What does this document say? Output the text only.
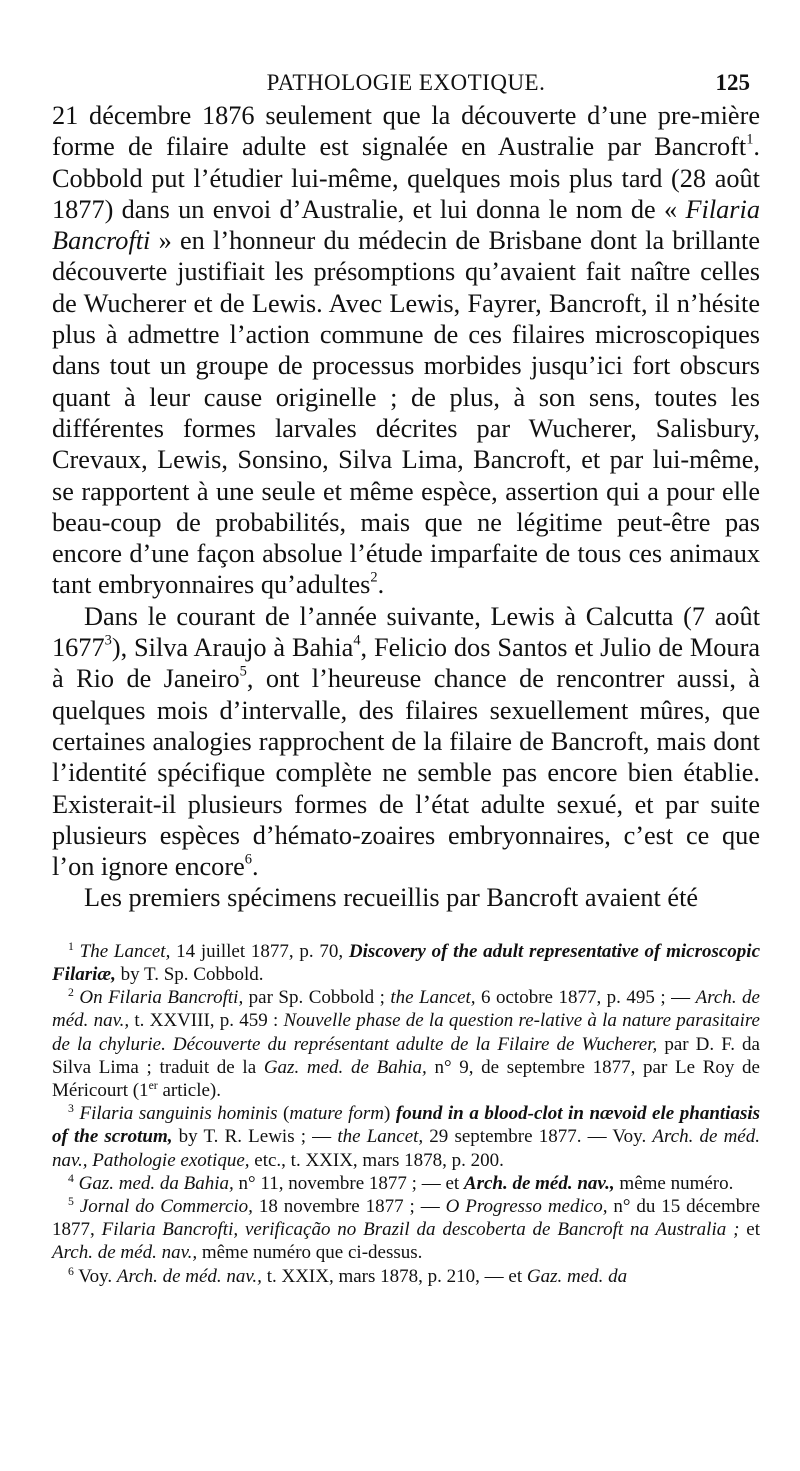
PATHOLOGIE EXOTIQUE.	125

21 décembre 1876 seulement que la découverte d’une pre-mière forme de filaire adulte est signalée en Australie par Bancroft$^1$. Cobbold put l’étudier lui-même, quelques mois plus tard (28 août 1877) dans un envoi d’Australie, et lui donna le nom de « Filaria Bancrofti » en l’honneur du médecin de Brisbane dont la brillante découverte justifiait les présomptions qu’avaient fait naître celles de Wucherer et de Lewis. Avec Lewis, Fayrer, Bancroft, il n’hésite plus à admettre l’action commune de ces filaires microscopiques dans tout un groupe de processus morbides jusqu’ici fort obscurs quant à leur cause originelle ; de plus, à son sens, toutes les différentes formes larvales décrites par Wucherer, Salisbury, Crevaux, Lewis, Sonsino, Silva Lima, Bancroft, et par lui-même, se rapportent à une seule et même espèce, assertion qui a pour elle beau-coup de probabilités, mais que ne légitime peut-être pas encore d’une façon absolue l’étude imparfaite de tous ces animaux tant embryonnaires qu’adultes$^2$.

Dans le courant de l’année suivante, Lewis à Calcutta (7 août 1677$^3$), Silva Araujo à Bahia$^4$, Felicio dos Santos et Julio de Moura à Rio de Janeiro$^5$, ont l’heureuse chance de rencontrer aussi, à quelques mois d’intervalle, des filaires sexuellement mûres, que certaines analogies rapprochent de la filaire de Bancroft, mais dont l’identité spécifique complète ne semble pas encore bien établie. Existerait-il plusieurs formes de l’état adulte sexué, et par suite plusieurs espèces d’hémato-zoaires embryonnaires, c’est ce que l’on ignore encore$^6$.

Les premiers spécimens recueillis par Bancroft avaient été

$^1$ The Lancet, 14 juillet 1877, p. 70, Discovery of the adult representative of microscopic Filariæ, by T. Sp. Cobbold.

$^2$ On Filaria Bancrofti, par Sp. Cobbold ; the Lancet, 6 octobre 1877, p. 495 ; — Arch. de méd. nav., t. XXVIII, p. 459 : Nouvelle phase de la question re-lative à la nature parasitaire de la chylurie. Découverte du représentant adulte de la Filaire de Wucherer, par D. F. da Silva Lima ; traduit de la Gaz. med. de Bahia, n° 9, de septembre 1877, par Le Roy de Méricourt (1er article).

$^3$ Filaria sanguinis hominis (mature form) found in a blood-clot in nævoid ele phantiasis of the scrotum, by T. R. Lewis ; — the Lancet, 29 septembre 1877. — Voy. Arch. de méd. nav., Pathologie exotique, etc., t. XXIX, mars 1878, p. 200.

$^4$ Gaz. med. da Bahia, n° 11, novembre 1877 ; — et Arch. de méd. nav., même numéro.

$^5$ Jornal do Commercio, 18 novembre 1877 ; — O Progresso medico, n° du 15 décembre 1877, Filaria Bancrofti, verificação no Brazil da descoberta de Bancroft na Australia ; et Arch. de méd. nav., même numéro que ci-dessus.

$^6$ Voy. Arch. de méd. nav., t. XXIX, mars 1878, p. 210, — et Gaz. med. da
